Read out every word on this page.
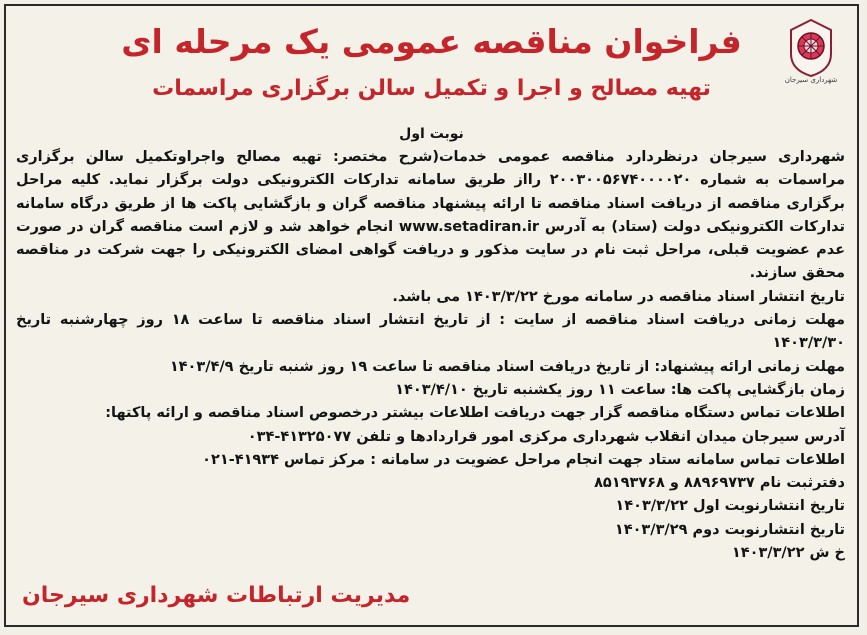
شهرداری سیرجان
فراخوان مناقصه عمومی یک مرحله ای
تهیه مصالح و اجرا و تکمیل سالن برگزاری مراسمات
نوبت اول

شهرداری سیرجان درنظردارد مناقصه عمومی خدمات(شرح مختصر: تهیه مصالح واجراوتکمیل سالن برگزاری مراسمات به شماره ۲۰۰۳۰۰۵۶۷۴۰۰۰۰۲۰ رااز طریق سامانه تدارکات الکترونیکی دولت برگزار نماید. کلیه مراحل برگزاری مناقصه از دریافت اسناد مناقصه تا ارائه پیشنهاد مناقصه گران و بازگشایی پاکت ها از طریق درگاه سامانه تدارکات الکترونیکی دولت (ستاد) به آدرس www.setadiran.ir انجام خواهد شد و لازم است مناقصه گران در صورت عدم عضویت قبلی، مراحل ثبت نام در سایت مذکور و دریافت گواهی امضای الکترونیکی را جهت شرکت در مناقصه محقق سازند.

تاریخ انتشار اسناد مناقصه در سامانه مورخ ۱۴۰۳/۳/۲۲ می باشد.

مهلت زمانی دریافت اسناد مناقصه از سایت : از تاریخ انتشار اسناد مناقصه تا ساعت ۱۸ روز چهارشنبه تاریخ ۱۴۰۳/۳/۳۰

مهلت زمانی ارائه پیشنهاد: از تاریخ دریافت اسناد مناقصه تا ساعت ۱۹ روز شنبه تاریخ ۱۴۰۳/۴/۹

زمان بازگشایی پاکت ها: ساعت ۱۱ روز یکشنبه تاریخ ۱۴۰۳/۴/۱۰

اطلاعات تماس دستگاه مناقصه گزار جهت دریافت اطلاعات بیشتر درخصوص اسناد مناقصه و ارائه پاکتها:

آدرس سیرجان میدان انقلاب شهرداری مرکزی امور قراردادها و تلفن ۴۱۳۲۵۰۷۷-۰۳۴

اطلاعات تماس سامانه ستاد جهت انجام مراحل عضویت در سامانه : مرکز تماس ۴۱۹۳۴-۰۲۱

دفترثبت نام ۸۸۹۶۹۷۳۷ و ۸۵۱۹۳۷۶۸

تاریخ انتشارنوبت اول ۱۴۰۳/۳/۲۲

تاریخ انتشارنوبت دوم ۱۴۰۳/۳/۲۹

خ ش ۱۴۰۳/۳/۲۲

مدیریت ارتباطات شهرداری سیرجان
